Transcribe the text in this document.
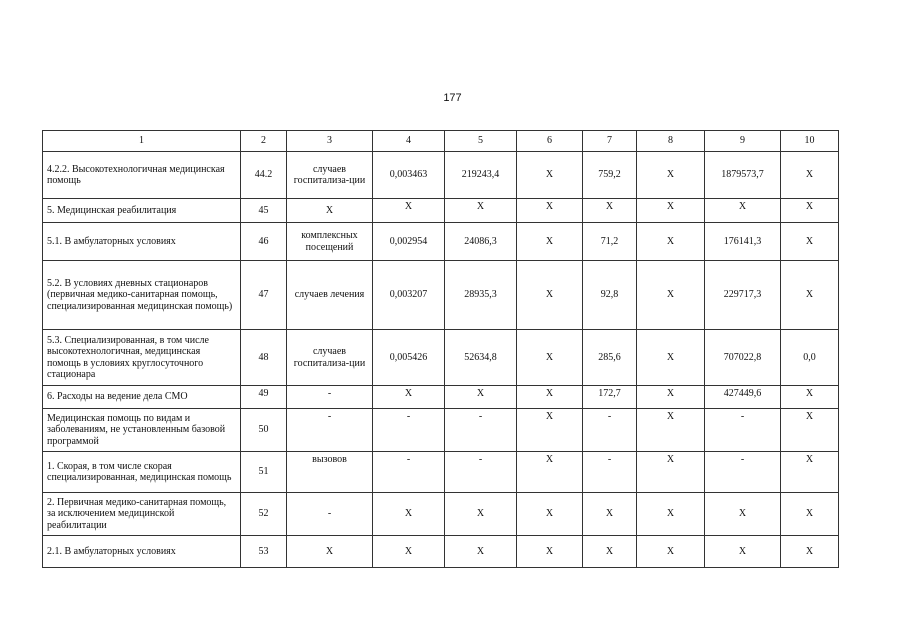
177
1	2	3	4	5	6	7	8	9	10
4.2.2. Высокотехнологичная медицинская помощь	44.2	случаев госпитализа-ции	0,003463	219243,4	X	759,2	X	1879573,7	X
5. Медицинская реабилитация	45	X	X	X	X	X	X	X	X
5.1. В амбулаторных условиях	46	комплексных посещений	0,002954	24086,3	X	71,2	X	176141,3	X
5.2. В условиях дневных стационаров (первичная медико-санитарная помощь, специализированная медицинская помощь)	47	случаев лечения	0,003207	28935,3	X	92,8	X	229717,3	X
5.3. Специализированная, в том числе высокотехнологичная, медицинская помощь в условиях круглосуточного стационара	48	случаев госпитализа-ции	0,005426	52634,8	X	285,6	X	707022,8	0,0
6. Расходы на ведение дела СМО	49	-	X	X	X	172,7	X	427449,6	X
Медицинская помощь по видам и заболеваниям, не установленным базовой программой	50	-	-	-	X	-	X	-	X
1. Скорая, в том числе скорая специализированная, медицинская помощь	51	вызовов	-	-	X	-	X	-	X
2. Первичная медико-санитарная помощь, за исключением медицинской реабилитации	52	-	X	X	X	X	X	X	X
2.1. В амбулаторных условиях	53	X	X	X	X	X	X	X	X
